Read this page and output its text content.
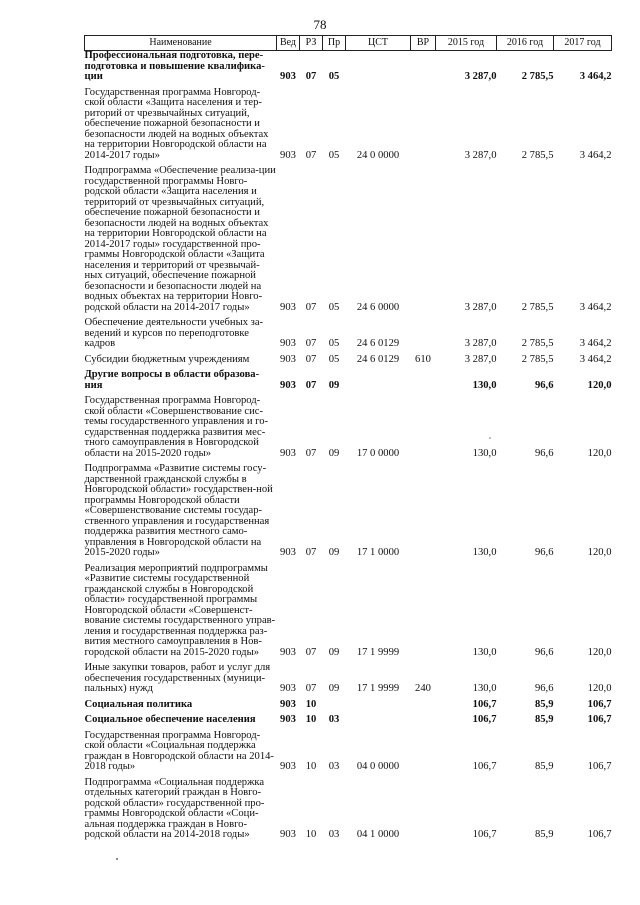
78
Наименование	Вед	РЗ	Пр	ЦСТ	ВР	2015 год	2016 год	2017 год
Профессиональная подготовка, пере-подготовка и повышение квалифика-ции	903	07	05			3 287,0	2 785,5	3 464,2
Государственная программа Новгород-ской области «Защита населения и тер-риторий от чрезвычайных ситуаций, обеспечение пожарной безопасности и безопасности людей на водных объектах на территории Новгородской области на 2014-2017 годы»	903	07	05	24 0 0000		3 287,0	2 785,5	3 464,2
Подпрограмма «Обеспечение реализа-ции государственной программы Новго-родской области «Защита населения и территорий от чрезвычайных ситуаций, обеспечение пожарной безопасности и безопасности людей на водных объектах на территории Новгородской области на 2014-2017 годы» государственной про-граммы Новгородской области «Защита населения и территорий от чрезвычай-ных ситуаций, обеспечение пожарной безопасности и безопасности людей на водных объектах на территории Новго-родской области на 2014-2017 годы»	903	07	05	24 6 0000		3 287,0	2 785,5	3 464,2
Обеспечение деятельности учебных за-ведений и курсов по переподготовке кадров	903	07	05	24 6 0129		3 287,0	2 785,5	3 464,2
Субсидии бюджетным учреждениям	903	07	05	24 6 0129	610	3 287,0	2 785,5	3 464,2
Другие вопросы в области образова-ния	903	07	09			130,0	96,6	120,0
Государственная программа Новгород-ской области «Совершенствование сис-темы государственного управления и го-сударственная поддержка развития мес-тного самоуправления в Новгородской области на 2015-2020 годы»	903	07	09	17 0 0000		130,0	96,6	120,0
Подпрограмма «Развитие системы госу-дарственной гражданской службы в Новгородской области» государствен-ной программы Новгородской области «Совершенствование системы государ-ственного управления и государственная поддержка развития местного само-управления в Новгородской области на 2015-2020 годы»	903	07	09	17 1 0000		130,0	96,6	120,0
Реализация мероприятий подпрограммы «Развитие системы государственной гражданской службы в Новгородской области» государственной программы Новгородской области «Совершенст-вование системы государственного управ-ления и государственная поддержка раз-вития местного самоуправления в Нов-городской области на 2015-2020 годы»	903	07	09	17 1 9999		130,0	96,6	120,0
Иные закупки товаров, работ и услуг для обеспечения государственных (муници-пальных) нужд	903	07	09	17 1 9999	240	130,0	96,6	120,0
Социальная политика	903	10				106,7	85,9	106,7
Социальное обеспечение населения	903	10	03			106,7	85,9	106,7
Государственная программа Новгород-ской области «Социальная поддержка граждан в Новгородской области на 2014-2018 годы»	903	10	03	04 0 0000		106,7	85,9	106,7
Подпрограмма «Социальная поддержка отдельных категорий граждан в Новго-родской области» государственной про-граммы Новгородской области «Соци-альная поддержка граждан в Новго-родской области на 2014-2018 годы»	903	10	03	04 1 0000		106,7	85,9	106,7
